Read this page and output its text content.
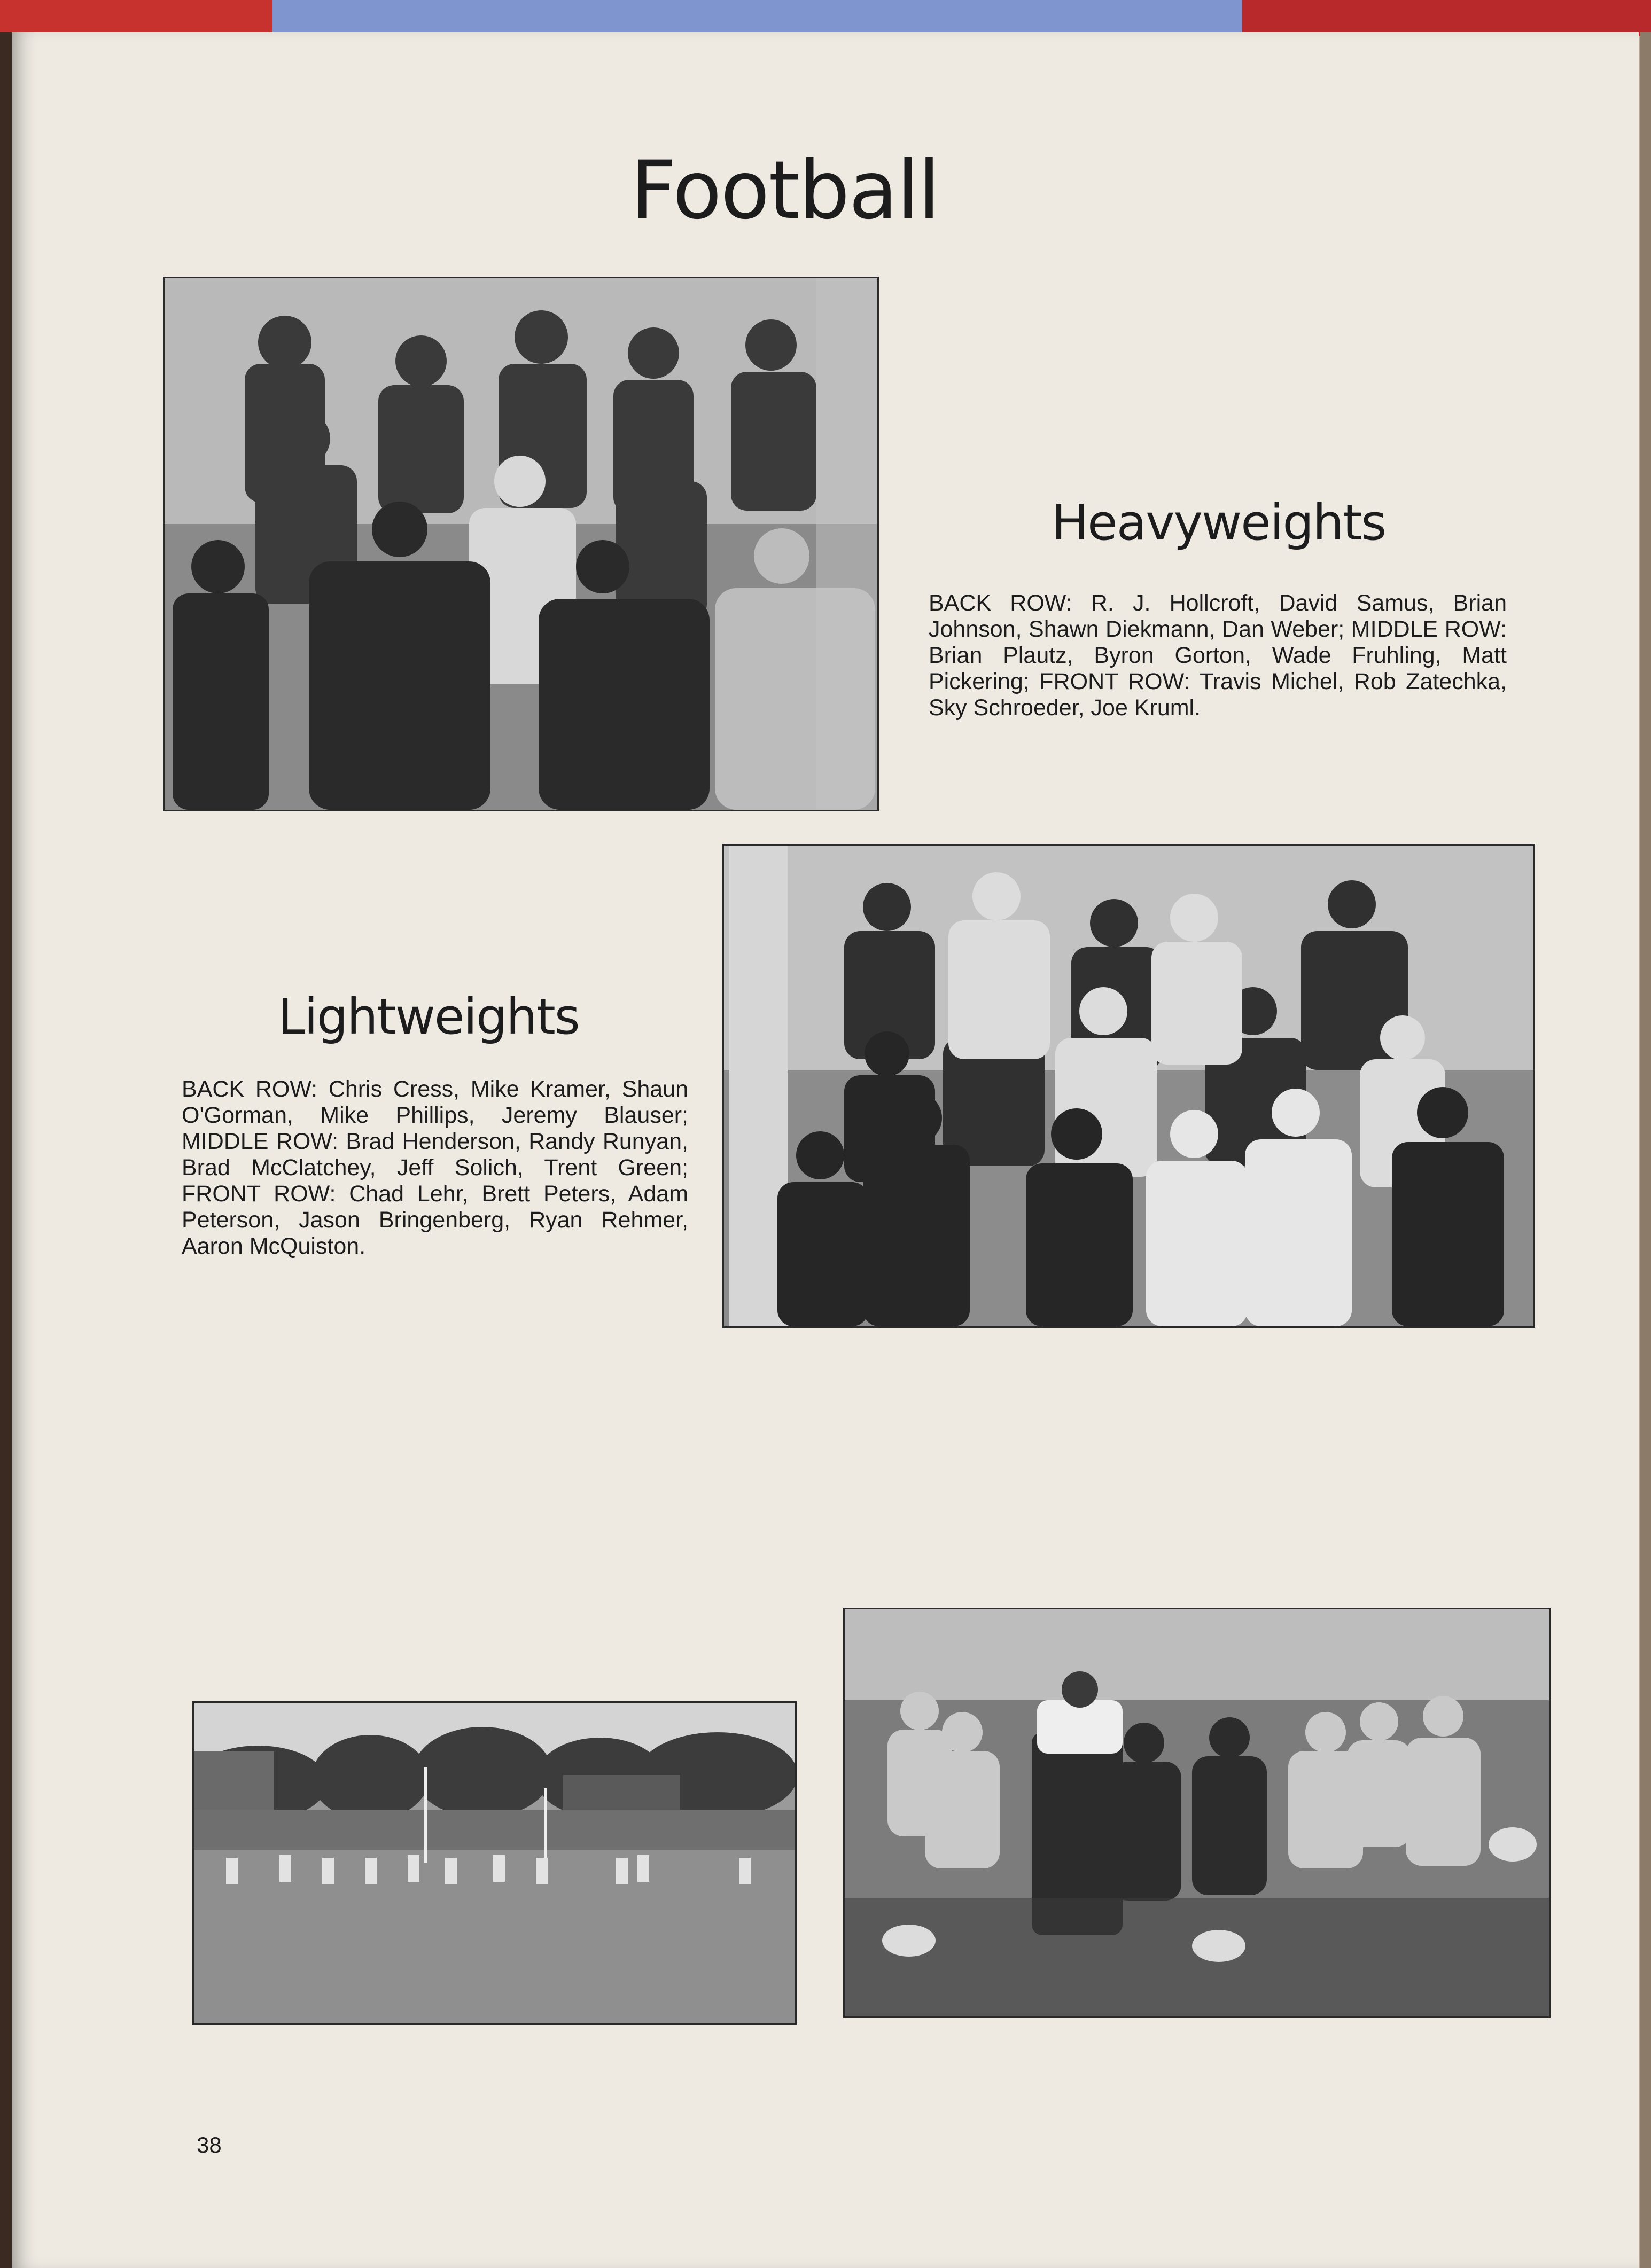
Football
Heavyweights
BACK ROW: R. J. Hollcroft, David Samus, Brian Johnson, Shawn Diekmann, Dan Weber; MIDDLE ROW: Brian Plautz, Byron Gorton, Wade Fruhling, Matt Pickering; FRONT ROW: Travis Michel, Rob Zatechka, Sky Schroeder, Joe Kruml.
Lightweights
BACK ROW: Chris Cress, Mike Kramer, Shaun O'Gorman, Mike Phillips, Jeremy Blauser; MIDDLE ROW: Brad Henderson, Randy Runyan, Brad McClatchey, Jeff Solich, Trent Green; FRONT ROW: Chad Lehr, Brett Peters, Adam Peterson, Jason Bringenberg, Ryan Rehmer, Aaron McQuiston.
38
